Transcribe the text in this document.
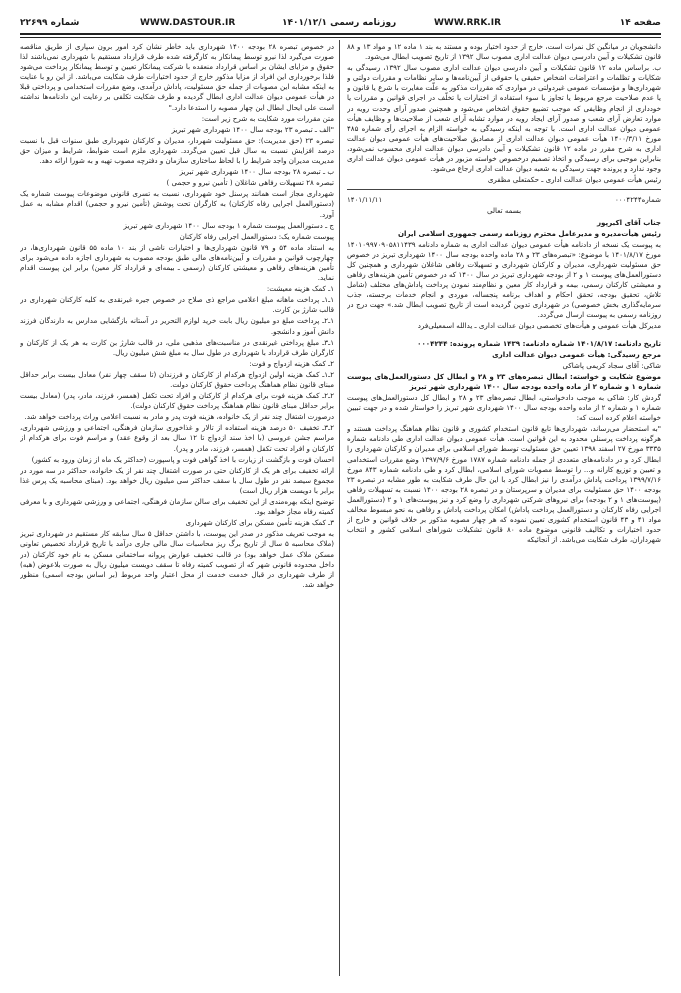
صفحه ۱۴
WWW.RRK.IR
روزنامه رسمی ۱۴۰۱/۱۲/۱
WWW.DASTOUR.IR
شماره ۲۲۶۹۹

دانشجویان در میانگین کل نمرات است، خارج از حدود اختیار بوده و مستند به بند ۱ ماده ۱۲ و مواد ۱۳ و ۸۸ قانون تشکیلات و آیین دادرسی دیوان عدالت اداری مصوب سال ۱۳۹۲ از تاریخ تصویب ابطال می‌شود.

ب. براساس ماده ۱۲ قانون تشکیلات و آیین دادرسی دیوان عدالت اداری مصوب سال ۱۳۹۲، رسیدگی به شکایات و تظلمات و اعتراضات اشخاص حقیقی یا حقوقی از آیین‌نامه‌ها و سایر نظامات و مقررات دولتی و شهرداری‌ها و مؤسسات عمومی غیردولتی در مواردی که مقررات مذکور به علّت مغایرت با شرع یا قانون و یا عدم صلاحیت مرجع مربوط یا تجاوز یا سوء استفاده از اختیارات یا تخلّف در اجرای قوانین و مقررات یا خودداری از انجام وظایفی که موجب تضییع حقوق اشخاص می‌شود و همچنین صدور آرای وحدت رویه در موارد تعارض آرای شعب و صدور آرای ایجاد رویه در موارد تشابه آرای شعب از صلاحیت‌ها و وظایف هیأت عمومی دیوان عدالت اداری است. با توجه به اینکه رسیدگی به خواسته الزام به اجرای رأی شماره ۴۸۵ مورخ ۱۴۰۰/۳/۱۱ هیأت عمومی دیوان عدالت اداری از مصادیق صلاحیت‌های هیأت عمومی دیوان عدالت اداری به شرح مقرر در ماده ۱۲ قانون تشکیلات و آیین دادرسی دیوان عدالت اداری محسوب نمی‌شود، بنابراین موجبی برای رسیدگی و اتخاذ تصمیم درخصوص خواسته مزبور در هیأت عمومی دیوان عدالت اداری وجود ندارد و پرونده جهت رسیدگی به شعبه دیوان عدالت اداری ارجاع می‌شود.

رئیس هیأت عمومی دیوان عدالت اداری ـ حکمتعلی مظفری

شماره۰۰۰۴۲۴۴
۱۴۰۱/۱۱/۱۱

بسمه تعالی

جناب آقای اکبرپور

رئیس هیأت‌مدیره و مدیرعامل محترم روزنامه رسمی جمهوری اسلامی ایران

به پیوست یک نسخه از دادنامه هیأت عمومی دیوان عدالت اداری به شماره دادنامه ۱۴۰۱۰۹۹۷۰۹۰۵۸۱۱۴۳۹ مورخ ۱۴۰۱/۸/۱۷ با موضوع: «تبصره‌های ۲۳ و ۲۸ ماده واحده بودجه سال ۱۴۰۰ شهرداری تبریز در خصوص حق مسئولیت شهرداری، مدیران و کارکنان شهرداری و تسهیلات رفاهی شاغلان شهرداری و همچنین کل دستورالعمل‌های پیوست ۱ و ۲ از بودجه شهرداری تبریز در سال ۱۴۰۰ که در خصوص تأمین هزینه‌های رفاهی و معیشتی کارکنان رسمی، بیمه و قرارداد کار معین و نظام‌مند نمودن پرداخت پاداش‌های مختلف (شامل تلاش، تحقیق بودجه، تحقق احکام و اهداف برنامه پنجساله، موردی و انجام خدمات برجسته، جذب سرمایه‌گذاری بخش خصوصی) در شهرداری تدوین گردیده است از تاریخ تصویب ابطال شد.» جهت درج در روزنامه رسمی به پیوست ارسال می‌گردد.

مدیرکل هیأت عمومی و هیأت‌های تخصصی دیوان عدالت اداری ـ یدالله اسمعیلی‌فرد

تاریخ دادنامه: ۱۴۰۱/۸/۱۷ شماره دادنامه: ۱۴۳۹ شماره پرونده: ۰۰۰۴۲۴۴

مرجع رسیدگی: هیأت عمومی دیوان عدالت اداری

شاکی: آقای سجاد کریمی پاشاکی

موضوع شکایت و خواسته: ابطال تبصره‌های ۲۳ و ۲۸ و ابطال کل دستورالعمل‌های پیوست شماره ۱ و شماره ۲ از ماده واحده بودجه سال ۱۴۰۰ شهرداری شهر تبریز

گردش کار: شاکی به موجب دادخواستی، ابطال تبصره‌های ۲۳ و ۲۸ و ابطال کل دستورالعمل‌های پیوست شماره ۱ و شماره ۲ از ماده واحده بودجه سال ۱۴۰۰ شهرداری شهر تبریز را خواستار شده و در جهت تبیین خواسته اعلام کرده است که:

"به استحضار می‌رساند، شهرداری‌ها تابع قانون استخدام کشوری و قانون نظام هماهنگ پرداخت هستند و هرگونه پرداخت پرسنلی محدود به این قوانین است. هیأت عمومی دیوان عدالت اداری طی دادنامه شماره ۳۳۳۵ مورخ ۲۷ اسفند ۱۳۹۸ تعیین حق مسئولیت توسط شورای اسلامی برای مدیران و کارکنان شهرداری را ابطال کرد و در دادنامه‌های متعددی از جمله دادنامه شماره ۱۷۸۷ مورخ ۱۳۹۷/۹/۶ وضع مقررات استخدامی و تعیین و توزیع کارانه و... را توسط مصوبات شورای اسلامی، ابطال کرد و طی دادنامه شماره ۸۴۳ مورخ ۱۳۹۹/۷/۱۶ پرداخت پاداش درآمدی را نیز ابطال کرد با این حال طرف شکایت به طور مشابه در تبصره ۲۳ بودجه ۱۴۰۰ حق مسئولیت برای مدیران و سرپرستان و در تبصره ۲۸ بودجه ۱۴۰۰ نسبت به تسهیلات رفاهی (پیوست‌های ۱ و ۲ بودجه) برای نیروهای شرکتی شهرداری را وضع کرد و نیز پیوست‌های ۱ و ۲ (دستورالعمل اجرایی رفاه کارکنان و دستورالعمل پرداخت پاداش) امکان پرداخت پاداش و رفاهی به نحو مبسوط مخالف مواد ۴۱ و ۴۳ قانون استخدام کشوری تعیین نموده که هر چهار مصوبه مذکور بر خلاف قوانین و خارج از حدود اختیارات و تکالیف قانونی موضوع ماده ۸۰ قانون تشکیلات شوراهای اسلامی کشور و انتخاب شهرداران، طرف شکایت می‌باشد. از آنجائیکه

در خصوص تبصره ۲۸ بودجه ۱۴۰۰ شهرداری باید خاطر نشان کرد امور برون سپاری از طریق مناقصه صورت می‌گیرد لذا نیرو توسط پیمانکار به کارگرفته شده طرف قرارداد مستقیم با شهرداری نمی‌باشند لذا حقوق و مزایای ایشان بر اساس قرارداد منعقده با شرکت پیمانکار تعیین و توسط پیمانکار پرداخت می‌شود فلذا برخورداری این افراد از مزایا مذکور خارج از حدود اختیارات طرف شکایت می‌باشد. از این رو با عنایت به اینکه مشابه این مصوبات از جمله حق مسئولیت، پاداش درآمدی، وضع مقررات استخدامی و پرداختی قبلا در هیأت عمومی دیوان عدالت اداری ابطال گردیده و طرف شکایت تکلفی بر رعایت این دادنامه‌ها نداشته است علی ایحال ابطال این چهار مصوبه را استدعا دارد."

متن مقررات مورد شکایت به شرح زیر است:

"الف ـ تبصره ۲۳ بودجه سال ۱۴۰۰ شهرداری شهر تبریز

تبصره ۲۳ (حق مدیریت): حق مسئولیت شهردار، مدیران و کارکنان شهرداری طبق سنوات قبل با نسبت درصد افزایش نسبت به سال قبل تعیین می‌گردد. شهرداری ملزم است ضوابط، شرایط و میزان حق مدیریت مدیران واجد شرایط را با لحاظ ساختاری سازمان و دفترچه مصوب تهیه و به شورا ارائه دهد.

ب ـ تبصره ۲۸ بودجه سال ۱۴۰۰ شهرداری شهر تبریز

تبصره ۲۸ تسهیلات رفاهی شاغلان ( تأمین نیرو و حجمی )

شهرداری مجاز است همانند پرسنل خود شهرداری، نسبت به تسری قانونی موضوعات پیوست شماره یک (دستورالعمل اجرایی رفاه کارکنان) به کارگران تحت پوشش (تأمین نیرو و حجمی) اقدام مشابه به عمل آورد.

ج ـ دستورالعمل پیوست شماره ۱ بودجه سال ۱۴۰۰ شهرداری شهر تبریز

پیوست شماره یک: دستورالعمل اجرایی رفاه کارکنان

به استناد ماده ۵۴ و ۷۹ قانون شهرداری‌ها و اختیارات ناشی از بند ۱۰ ماده ۵۵ قانون شهرداری‌ها، در چهارچوب قوانین و مقررات و آیین‌نامه‌های مالی طبق بودجه مصوب به شهرداری اجازه داده می‌شود برای تأمین هزینه‌های رفاهی و معیشتی کارکنان (رسمی ـ بیمه‌ای و قرارداد کار معین) برابر این پیوست اقدام نماید.

۱ـ کمک هزینه معیشت:

۱ـ۱ـ پرداخت ماهانه مبلغ اعلامی مراجع ذی صلاح در خصوص جیره غیرنقدی به کلیه کارکنان شهرداری در قالب شارژ بن کارت.

۱ـ۲ـ پرداخت مبلغ دو میلیون ریال بابت خرید لوازم التحریر در آستانه بازگشایی مدارس به دارندگان فرزند دانش آموز و دانشجو.

۱ـ۳ـ مبلغ پرداختی غیرنقدی در مناسبت‌های مذهبی ملی، در قالب شارژ بن کارت به هر یک از کارکنان و کارگران طرف قرارداد با شهرداری در طول سال به مبلغ شش میلیون ریال.

۲ـ کمک هزینه ازدواج و فوت:

۲ـ۱ـ کمک هزینه اولین ازدواج هرکدام از کارکنان و فرزندان (تا سقف چهار نفر) معادل بیست برابر حداقل مبنای قانون نظام هماهنگ پرداخت حقوق کارکنان دولت.

۲ـ۲ـ کمک هزینه فوت برای هرکدام از کارکنان و افراد تحت تکفل (همسر، فرزند، مادر، پدر) (معادل بیست برابر حداقل مبنای قانون نظام هماهنگ پرداخت حقوق کارکنان دولت).

درصورت اشتغال چند نفر از یک خانواده، هزینه فوت پدر و مادر به نسبت اعلامی وراث پرداخت خواهد شد.

۲ـ۳ـ تخفیف ۵۰ درصد هزینه استفاده از تالار و غذاخوری سازمان فرهنگی، اجتماعی و ورزشی شهرداری، مراسم جشن عروسی (با اخذ سند ازدواج تا ۱۲ سال بعد از وقوع عقد) و مراسم فوت برای هرکدام از کارکنان و افراد تحت تکفل (همسر، فرزند، مادر و پدر).

احسان فوت و بازگشت از زیارت با اخذ گواهی فوت و پاسپورت (حداکثر یک ماه از زمان ورود به کشور)

ارائه تخفیف برای هر یک از کارکنان حتی در صورت اشتغال چند نفر از یک خانواده، حداکثر در سه مورد در مجموع سیصد نفر در طول سال با سقف حداکثر سی میلیون ریال خواهد بود. (مبنای محاسبه یک پرس غذا برابر با دویست هزار ریال است)

توضیح اینکه بهره‌مندی از این تخفیف برای سالن سازمان فرهنگی، اجتماعی و ورزشی شهرداری و با معرفی کمیته رفاه مجاز خواهد بود.

۳ـ کمک هزینه تأمین مسکن برای کارکنان شهرداری

به موجب تعریف مذکور در صدر این پیوست، با داشتن حداقل ۵ سال سابقه کار مستقیم در شهرداری تبریز (ملاک محاسبه ۵ سال از تاریخ برگ ریز محاسبات سال مالی جاری درآمد با تاریخ قرارداد تخصیص تعاونی مسکن ملاک عمل خواهد بود) در قالب تخفیف عوارض پروانه ساختمانی مسکن به نام خود کارکنان (در داخل محدوده قانونی شهر که از تصویب کمیته رفاه تا سقف دویست میلیون ریال به صورت بلاعوض (هبه) از طرف شهرداری در قبال خدمت خدمت از محل اعتبار واحد مربوط (بر اساس بودجه اسمی) منظور خواهد شد.
